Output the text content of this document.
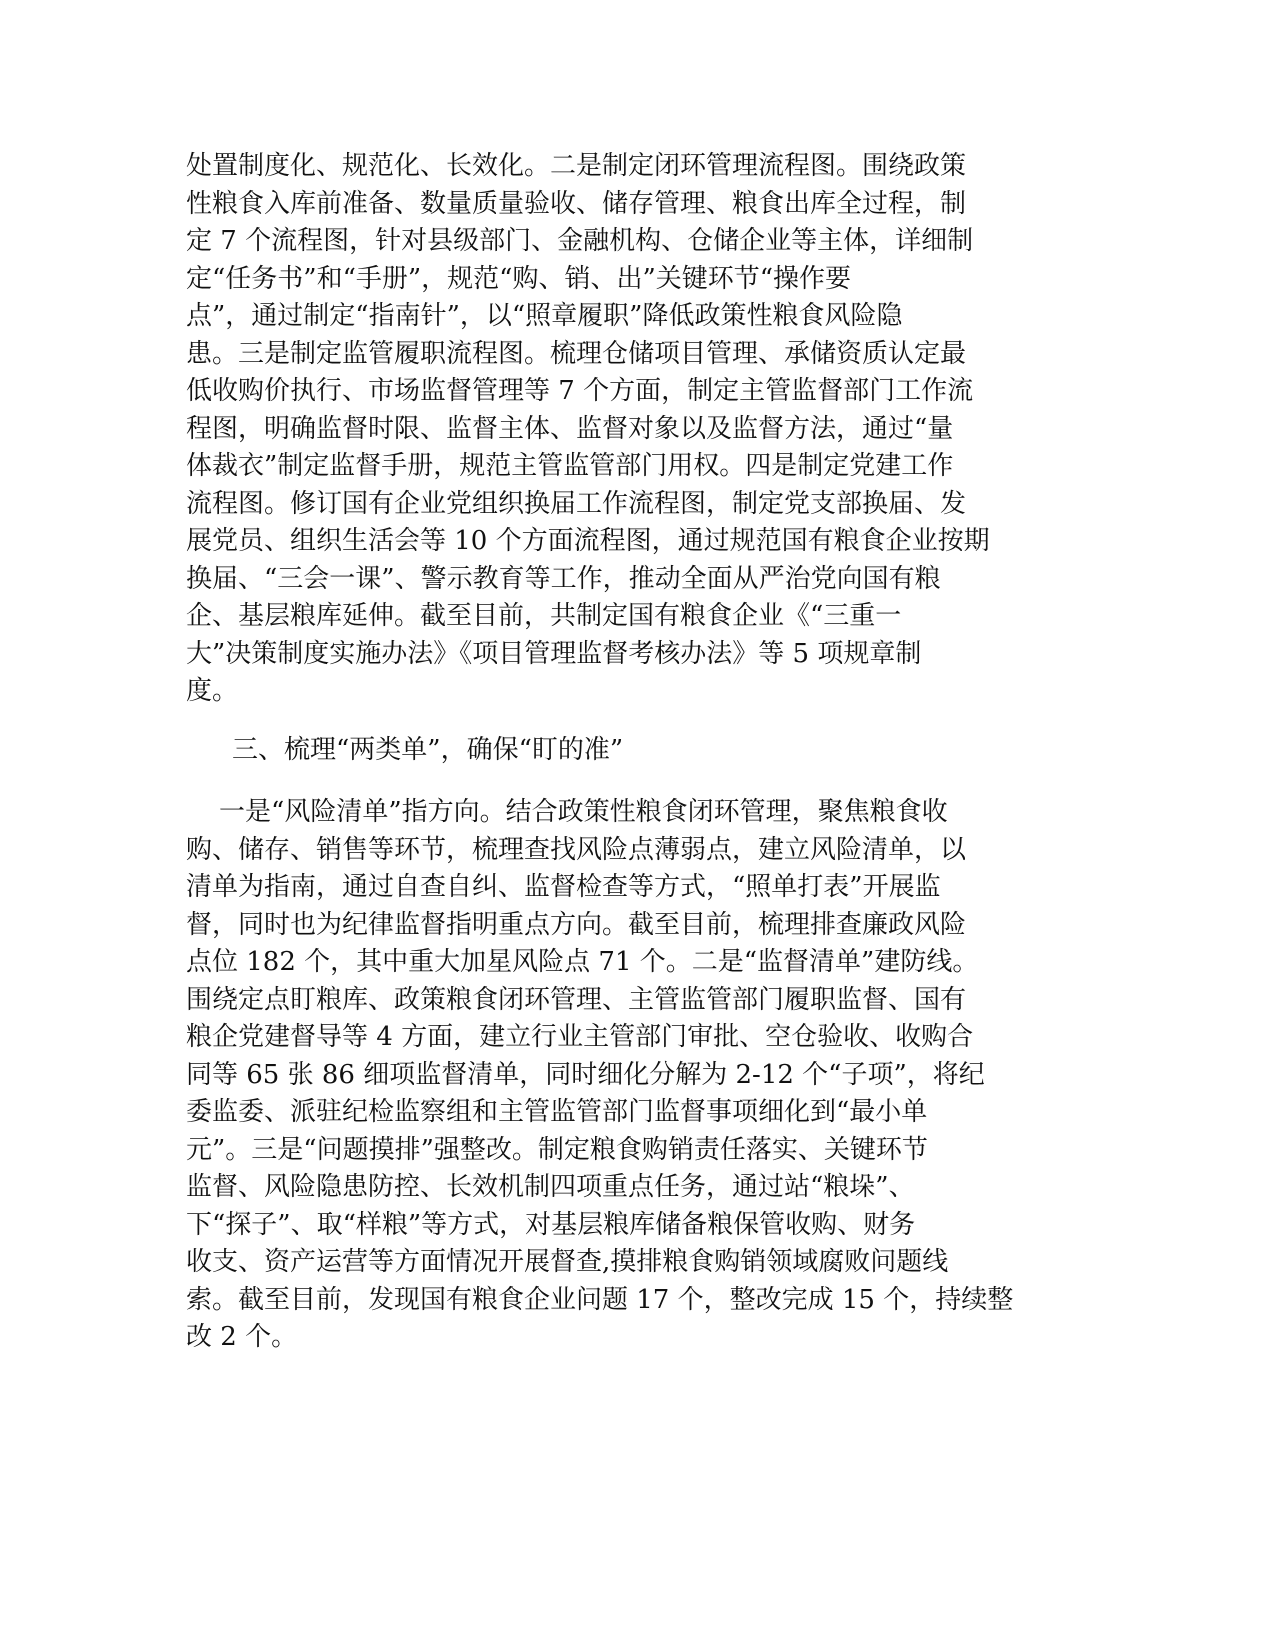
处置制度化、规范化、长效化。二是制定闭环管理流程图。围绕政策
性粮食入库前准备、数量质量验收、储存管理、粮食出库全过程，制
定 7 个流程图，针对县级部门、金融机构、仓储企业等主体，详细制
定“任务书”和“手册”，规范“购、销、出”关键环节“操作要
点”，通过制定“指南针”，以“照章履职”降低政策性粮食风险隐
患。三是制定监管履职流程图。梳理仓储项目管理、承储资质认定最
低收购价执行、市场监督管理等 7 个方面，制定主管监督部门工作流
程图，明确监督时限、监督主体、监督对象以及监督方法，通过“量
体裁衣”制定监督手册，规范主管监管部门用权。四是制定党建工作
流程图。修订国有企业党组织换届工作流程图，制定党支部换届、发
展党员、组织生活会等 10 个方面流程图，通过规范国有粮食企业按期
换届、“三会一课”、警示教育等工作，推动全面从严治党向国有粮
企、基层粮库延伸。截至目前，共制定国有粮食企业《“三重一
大”决策制度实施办法》《项目管理监督考核办法》等 5 项规章制
度。
三、梳理“两类单”，确保“盯的准”
一是“风险清单”指方向。结合政策性粮食闭环管理，聚焦粮食收
购、储存、销售等环节，梳理查找风险点薄弱点，建立风险清单，以
清单为指南，通过自查自纠、监督检查等方式，“照单打表”开展监
督，同时也为纪律监督指明重点方向。截至目前，梳理排查廉政风险
点位 182 个，其中重大加星风险点 71 个。二是“监督清单”建防线。
围绕定点盯粮库、政策粮食闭环管理、主管监管部门履职监督、国有
粮企党建督导等 4 方面，建立行业主管部门审批、空仓验收、收购合
同等 65 张 86 细项监督清单，同时细化分解为 2-12 个“子项”，将纪
委监委、派驻纪检监察组和主管监管部门监督事项细化到“最小单
元”。三是“问题摸排”强整改。制定粮食购销责任落实、关键环节
监督、风险隐患防控、长效机制四项重点任务，通过站“粮垛”、
下“探子”、取“样粮”等方式，对基层粮库储备粮保管收购、财务
收支、资产运营等方面情况开展督查,摸排粮食购销领域腐败问题线
索。截至目前，发现国有粮食企业问题 17 个，整改完成 15 个，持续整
改 2 个。
